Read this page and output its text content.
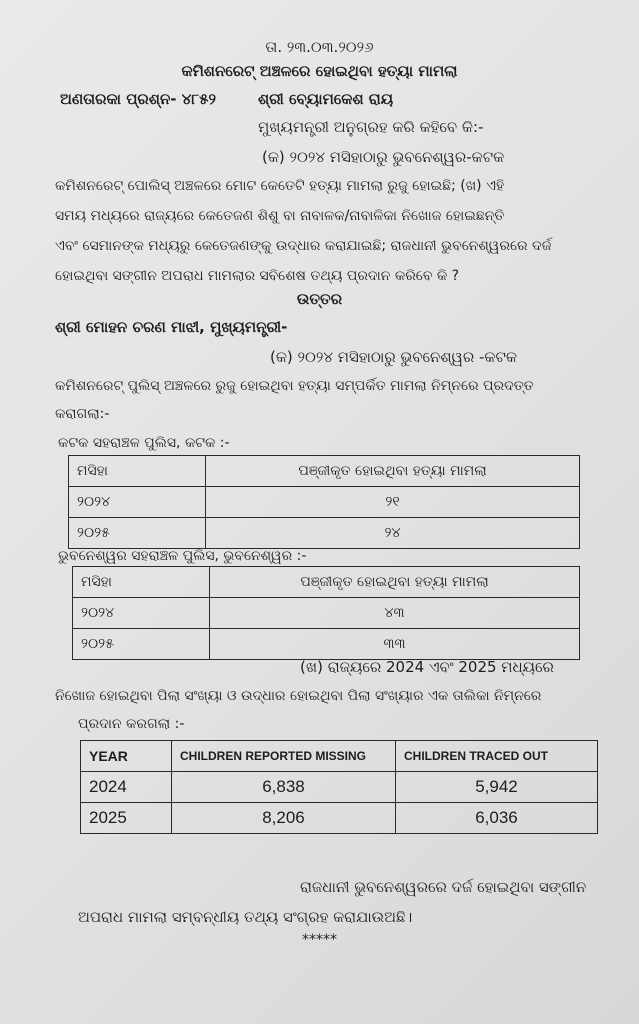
ତା. ୨୩.୦୩.୨୦୨୬
କମିଶନରେଟ୍ ଅଞ୍ଚଳରେ ହୋଇଥିବା ହତ୍ୟା ମାମଲା
ଅଣତାରକା ପ୍ରଶ୍ନ- ୪୮୫୨	ଶ୍ରୀ ବ୍ୟୋମକେଶ ରାୟ
ମୁଖ୍ୟମନ୍ତ୍ରୀ ଅନୁଗ୍ରହ କରି କହିବେ କି:-
(କ) ୨୦୨୪ ମସିହାଠାରୁ ଭୁବନେଶ୍ୱର-କଟକ
କମିଶନରେଟ୍ ପୋଲିସ୍ ଅଞ୍ଚଳରେ ମୋଟ କେତେଟି ହତ୍ୟା ମାମଲା ରୁଜୁ ହୋଇଛି; (ଖ) ଏହି
ସମୟ ମଧ୍ୟରେ ରାଜ୍ୟରେ କେତେଜଣ ଶିଶୁ ବା ନାବାଳକ/ନାବାଳିକା ନିଖୋଜ ହୋଇଛନ୍ତି
ଏବଂ ସେମାନଙ୍କ ମଧ୍ୟରୁ କେତେଜଣଙ୍କୁ ଉଦ୍ଧାର କରାଯାଇଛି; ରାଜଧାନୀ ଭୁବନେଶ୍ୱରରେ ଦର୍ଜ
ହୋଇଥିବା ସଙ୍ଗୀନ ଅପରାଧ ମାମଲାର ସବିଶେଷ ତଥ୍ୟ ପ୍ରଦାନ କରିବେ କି ?
ଉତ୍ତର
ଶ୍ରୀ ମୋହନ ଚରଣ ମାଝୀ, ମୁଖ୍ୟମନ୍ତ୍ରୀ-
(କ) ୨୦୨୪ ମସିହାଠାରୁ ଭୁବନେଶ୍ୱର -କଟକ
କମିଶନରେଟ୍ ପୁଲିସ୍ ଅଞ୍ଚଳରେ ରୁଜୁ ହୋଇଥିବା ହତ୍ୟା ସମ୍ପର୍କିତ ମାମଲା ନିମ୍ନରେ ପ୍ରଦତ୍ତ
କରାଗଲା:-
କଟକ ସହରାଞ୍ଚଳ ପୁଲିସ, କଟକ :-
ମସିହା	ପଞ୍ଜୀକୃତ ହୋଇଥିବା ହତ୍ୟା ମାମଲା
୨୦୨୪	୨୧
୨୦୨୫	୨୪
ଭୁବନେଶ୍ୱର ସହରାଞ୍ଚଳ ପୁଲିସ, ଭୁବନେଶ୍ୱର :-
ମସିହା	ପଞ୍ଜୀକୃତ ହୋଇଥିବା ହତ୍ୟା ମାମଲା
୨୦୨୪	୪୩
୨୦୨୫	୩୩
(ଖ) ରାଜ୍ୟରେ 2024 ଏବଂ 2025 ମଧ୍ୟରେ
ନିଖୋଜ ହୋଇଥିବା ପିଲା ସଂଖ୍ୟା ଓ ଉଦ୍ଧାର ହୋଇଥିବା ପିଲା ସଂଖ୍ୟାର ଏକ ତାଲିକା ନିମ୍ନରେ
ପ୍ରଦାନ କରଗଲା :-
YEAR	CHILDREN REPORTED MISSING	CHILDREN TRACED OUT
2024	6,838	5,942
2025	8,206	6,036
ରାଜଧାନୀ ଭୁବନେଶ୍ୱରରେ ଦର୍ଜ ହୋଇଥିବା ସଙ୍ଗୀନ
ଅପରାଧ ମାମଲା ସମ୍ବନ୍ଧୀୟ ତଥ୍ୟ ସଂଗ୍ରହ କରାଯାଉଅଛି।
*****
